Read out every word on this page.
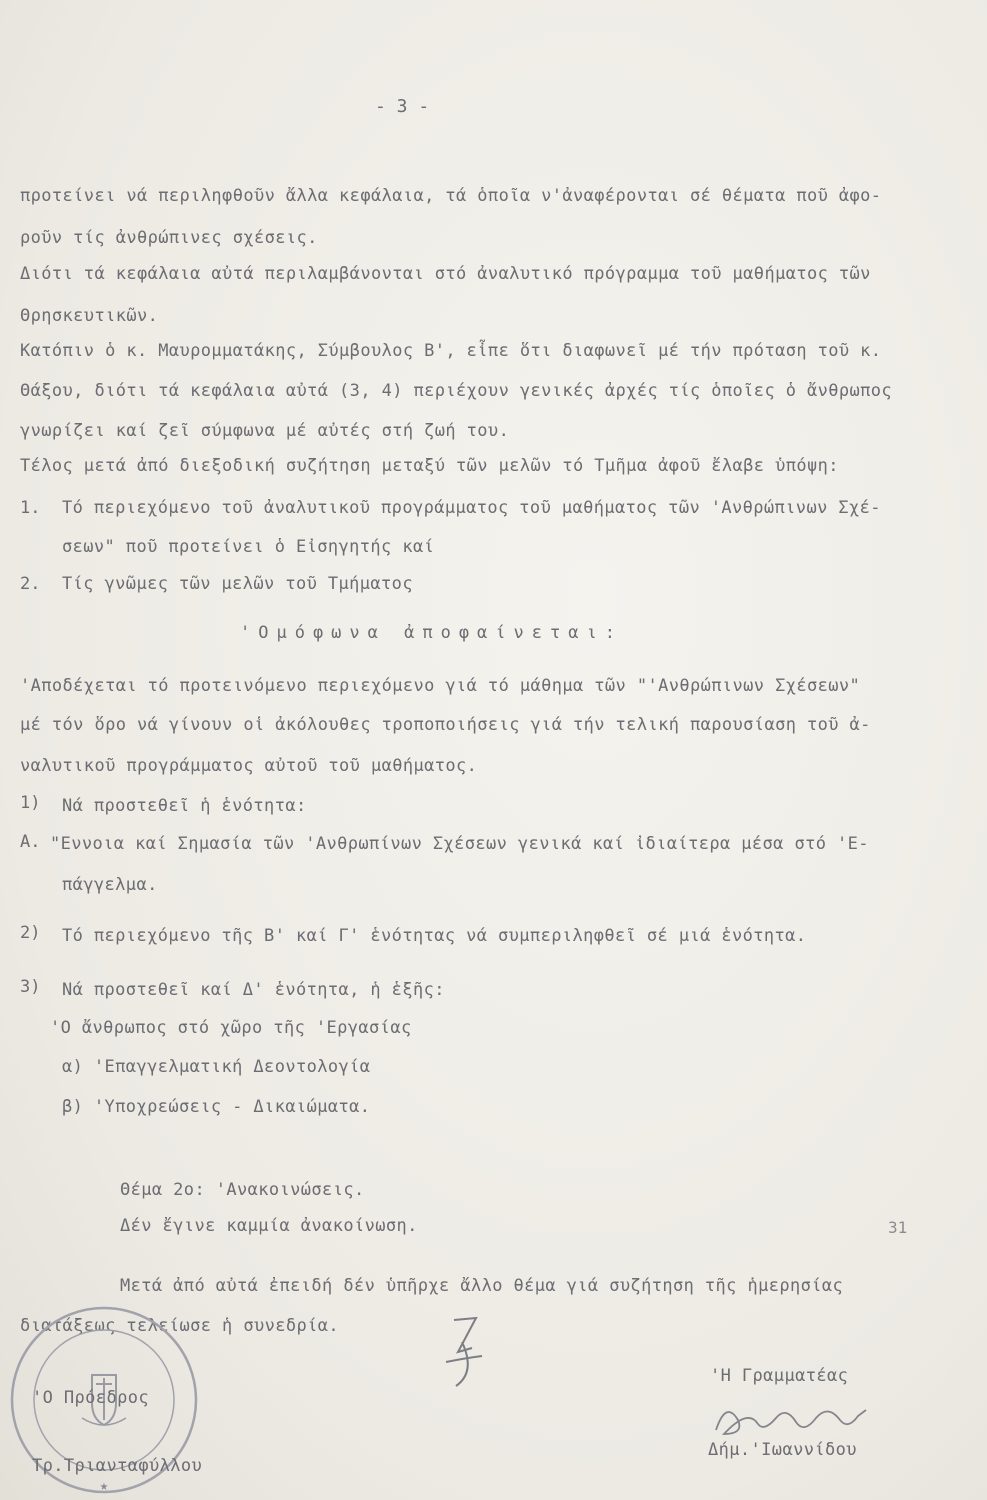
- 3 -
προτείνει νά περιληφθοῦν ἄλλα κεφάλαια, τά ὁποῖα ν'ἀναφέρονται σέ θέματα ποῦ ἀφο-
ροῦν τίς ἀνθρώπινες σχέσεις.
Διότι τά κεφάλαια αὐτά περιλαμβάνονται στό ἀναλυτικό πρόγραμμα τοῦ μαθήματος τῶν
Θρησκευτικῶν.
Κατόπιν ὁ κ. Μαυρομματάκης, Σύμβουλος Β', εἶπε ὅτι διαφωνεῖ μέ τήν πρόταση τοῦ κ.
Θάξου, διότι τά κεφάλαια αὐτά (3, 4) περιέχουν γενικές ἀρχές τίς ὁποῖες ὁ ἄνθρωπος
γνωρίζει καί ζεῖ σύμφωνα μέ αὐτές στή ζωή του.
Τέλος μετά ἀπό διεξοδική συζήτηση μεταξύ τῶν μελῶν τό Τμῆμα ἀφοῦ ἔλαβε ὑπόψη:
1. Τό περιεχόμενο τοῦ ἀναλυτικοῦ προγράμματος τοῦ μαθήματος τῶν 'Ανθρώπινων Σχέ-
σεων" ποῦ προτείνει ὁ Εἰσηγητής καί
2. Τίς γνῶμες τῶν μελῶν τοῦ Τμήματος
'Ομόφωνα ἀποφαίνεται:
'Αποδέχεται τό προτεινόμενο περιεχόμενο γιά τό μάθημα τῶν "'Ανθρώπινων Σχέσεων"
μέ τόν ὅρο νά γίνουν οἱ ἀκόλουθες τροποποιήσεις γιά τήν τελική παρουσίαση τοῦ ἀ-
ναλυτικοῦ προγράμματος αὐτοῦ τοῦ μαθήματος.
1) Νά προστεθεῖ ἡ ἑνότητα:
Α. "Εννοια καί Σημασία τῶν 'Ανθρωπίνων Σχέσεων γενικά καί ἰδιαίτερα μέσα στό 'Ε-
πάγγελμα.
2) Τό περιεχόμενο τῆς Β' καί Γ' ἑνότητας νά συμπεριληφθεῖ σέ μιά ἑνότητα.
3) Νά προστεθεῖ καί Δ' ἑνότητα, ἡ ἑξῆς:
'Ο ἄνθρωπος στό χῶρο τῆς 'Εργασίας
α) 'Επαγγελματική Δεοντολογία
β) 'Υποχρεώσεις - Δικαιώματα.
Θέμα 2ο: 'Ανακοινώσεις.
Δέν ἔγινε καμμία ἀνακοίνωση.	31
Μετά ἀπό αὐτά ἐπειδή δέν ὑπῆρχε ἄλλο θέμα γιά συζήτηση τῆς ἡμερησίας
διατάξεως τελείωσε ἡ συνεδρία.
★
'Ο Πρόεδρος
Τρ.Τριανταφύλλου
'Η Γραμματέας
Δήμ.'Ιωαννίδου
